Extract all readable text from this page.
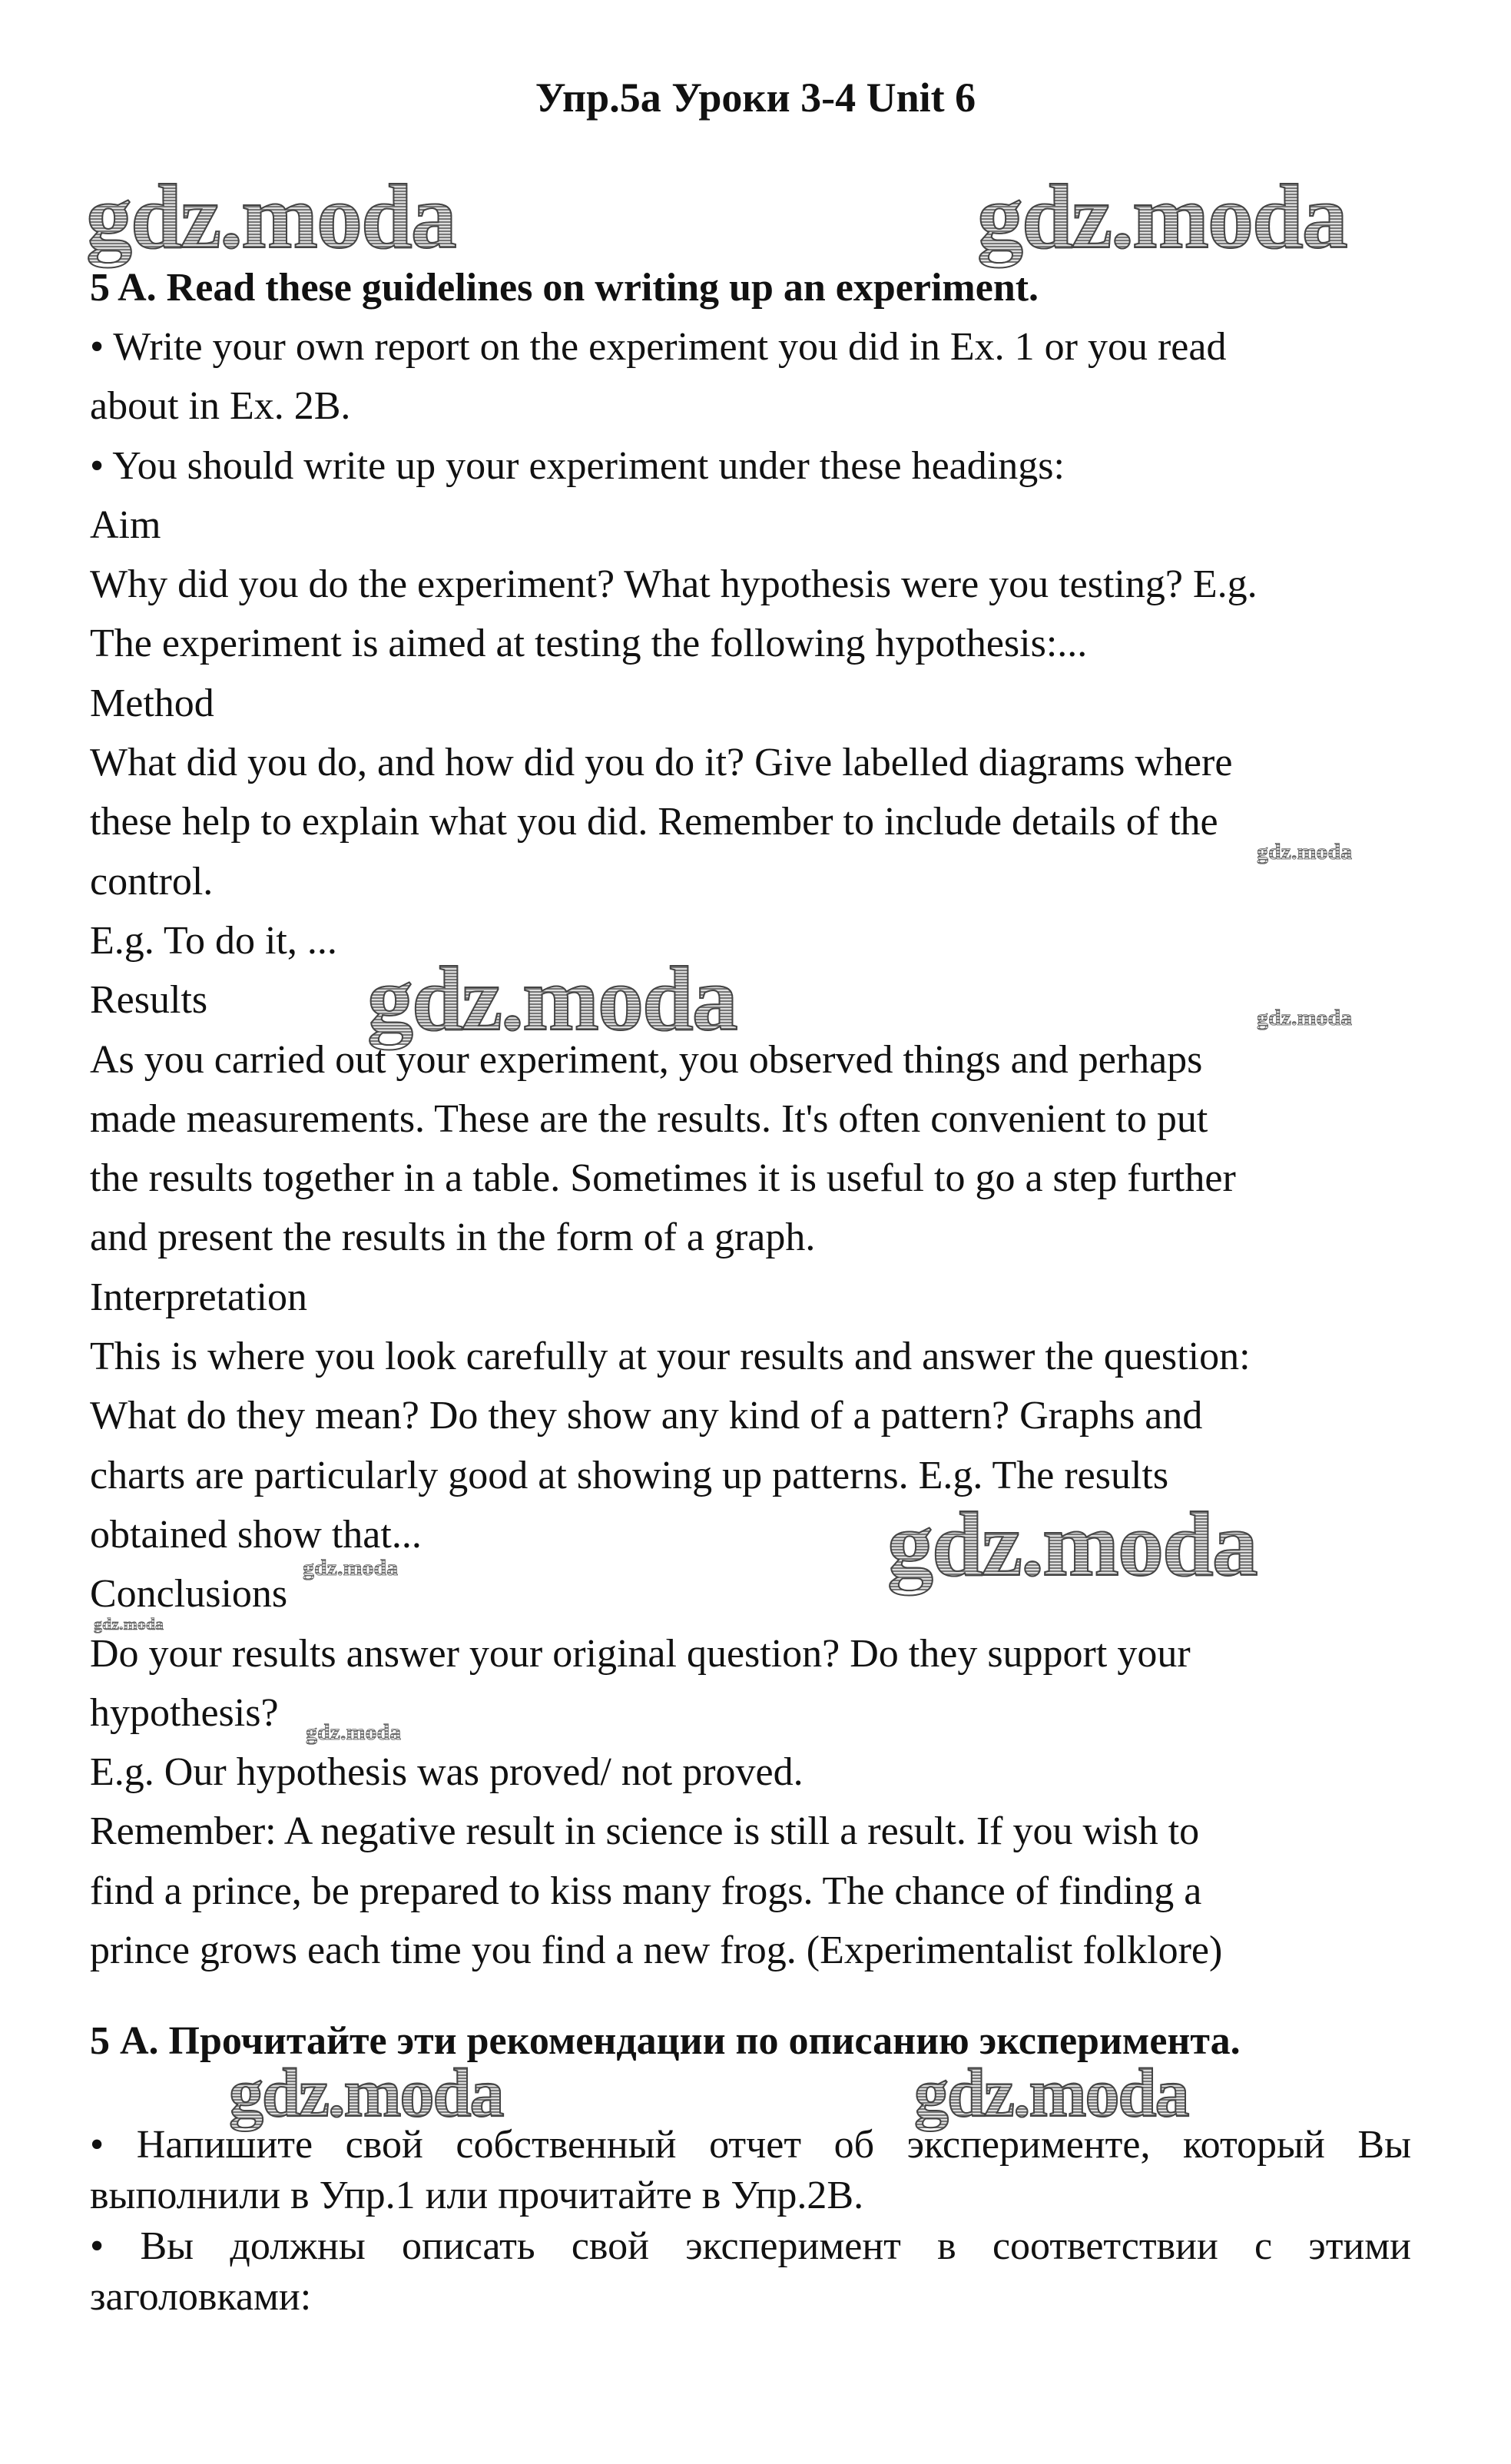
Упр.5а Уроки 3-4 Unit 6
gdz.moda	gdz.moda
gdz.moda
gdz.moda
gdz.moda	gdz.moda
gdz.moda
gdz.moda
gdz.moda
gdz.moda
gdz.moda
5 A. Read these guidelines on writing up an experiment.
• Write your own report on the experiment you did in Ex. 1 or you read
about in Ex. 2B.
• You should write up your experiment under these headings:
Aim
Why did you do the experiment? What hypothesis were you testing? E.g.
The experiment is aimed at testing the following hypothesis:...
Method
What did you do, and how did you do it? Give labelled diagrams where
these help to explain what you did. Remember to include details of the
control.
E.g. To do it, ...
Results
As you carried out your experiment, you observed things and perhaps
made measurements. These are the results. It's often convenient to put
the results together in a table. Sometimes it is useful to go a step further
and present the results in the form of a graph.
Interpretation
This is where you look carefully at your results and answer the question:
What do they mean? Do they show any kind of a pattern? Graphs and
charts are particularly good at showing up patterns. E.g. The results
obtained show that...
Conclusions
Do your results answer your original question? Do they support your
hypothesis?
E.g. Our hypothesis was proved/ not proved.
Remember: A negative result in science is still a result. If you wish to
find a prince, be prepared to kiss many frogs. The chance of finding a
prince grows each time you find a new frog. (Experimentalist folklore)
5 А. Прочитайте эти рекомендации по описанию эксперимента.
• Напишите свой собственный отчет об эксперименте, который Вы
выполнили в Упр.1 или прочитайте в Упр.2В.
• Вы должны описать свой эксперимент в соответствии с этими
заголовками:
